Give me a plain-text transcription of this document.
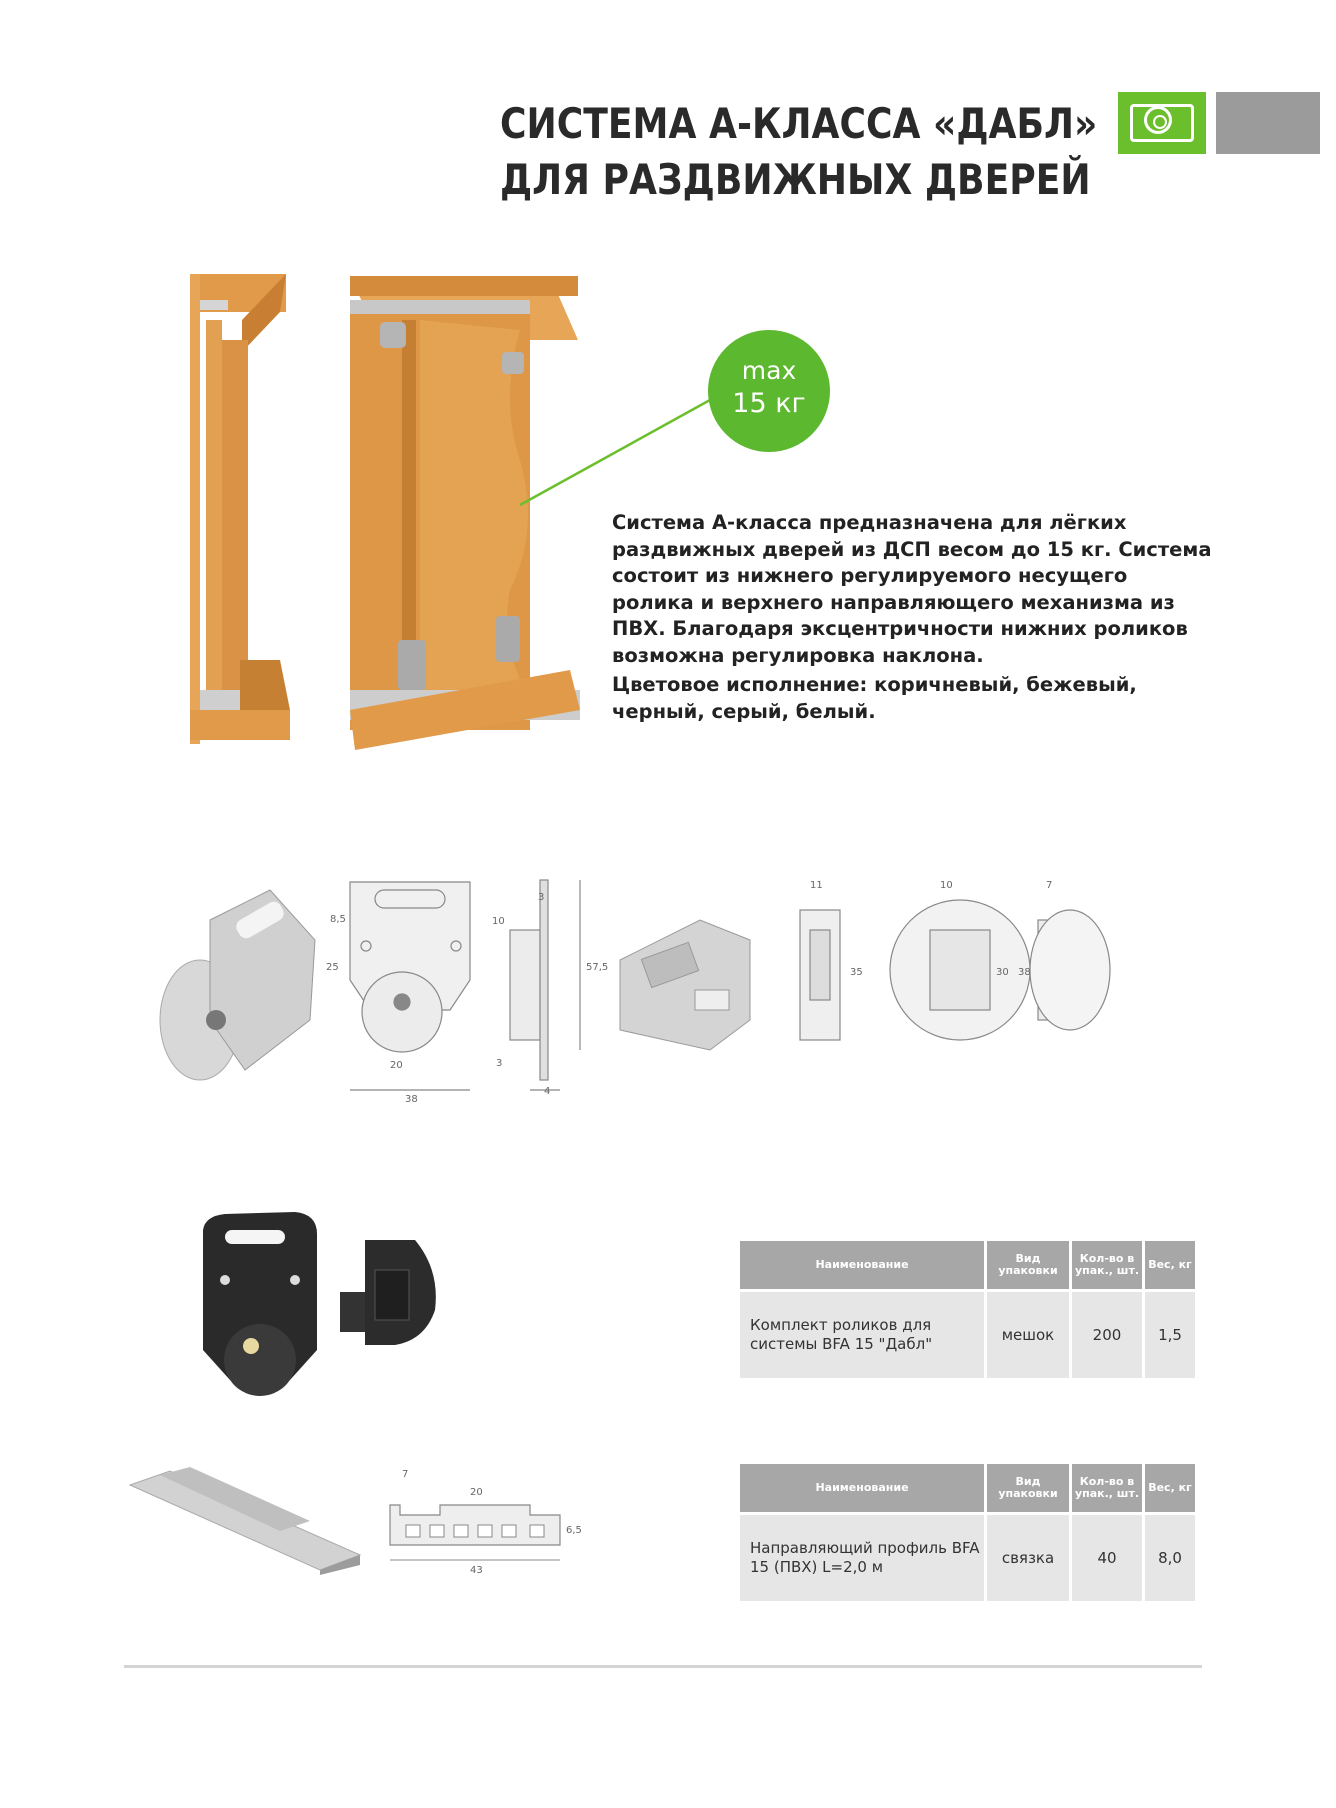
СИСТЕМА А-КЛАССА «ДАБЛ»
ДЛЯ РАЗДВИЖНЫХ ДВЕРЕЙ
max
15 кг

Система А-класса предназначена для лёгких раздвижных дверей из ДСП весом до 15 кг. Система состоит из нижнего регулируемого несущего ролика и верхнего направляющего механизма из ПВХ. Благодаря эксцентричности нижних роликов возможна регулировка наклона.

Цветовое исполнение: коричневый, бежевый, черный, серый, белый.

8,5
25
20
38
3
10
57,5
3
4
11
35
10
30 38
7
Наименование	Вид упаковки	Кол-во в упак., шт.	Вес, кг
Комплект роликов для системы BFA 15 "Дабл"	мешок	200	1,5
7
20
6,5
43
Наименование	Вид упаковки	Кол-во в упак., шт.	Вес, кг
Направляющий профиль BFA 15 (ПВХ) L=2,0 м	связка	40	8,0
